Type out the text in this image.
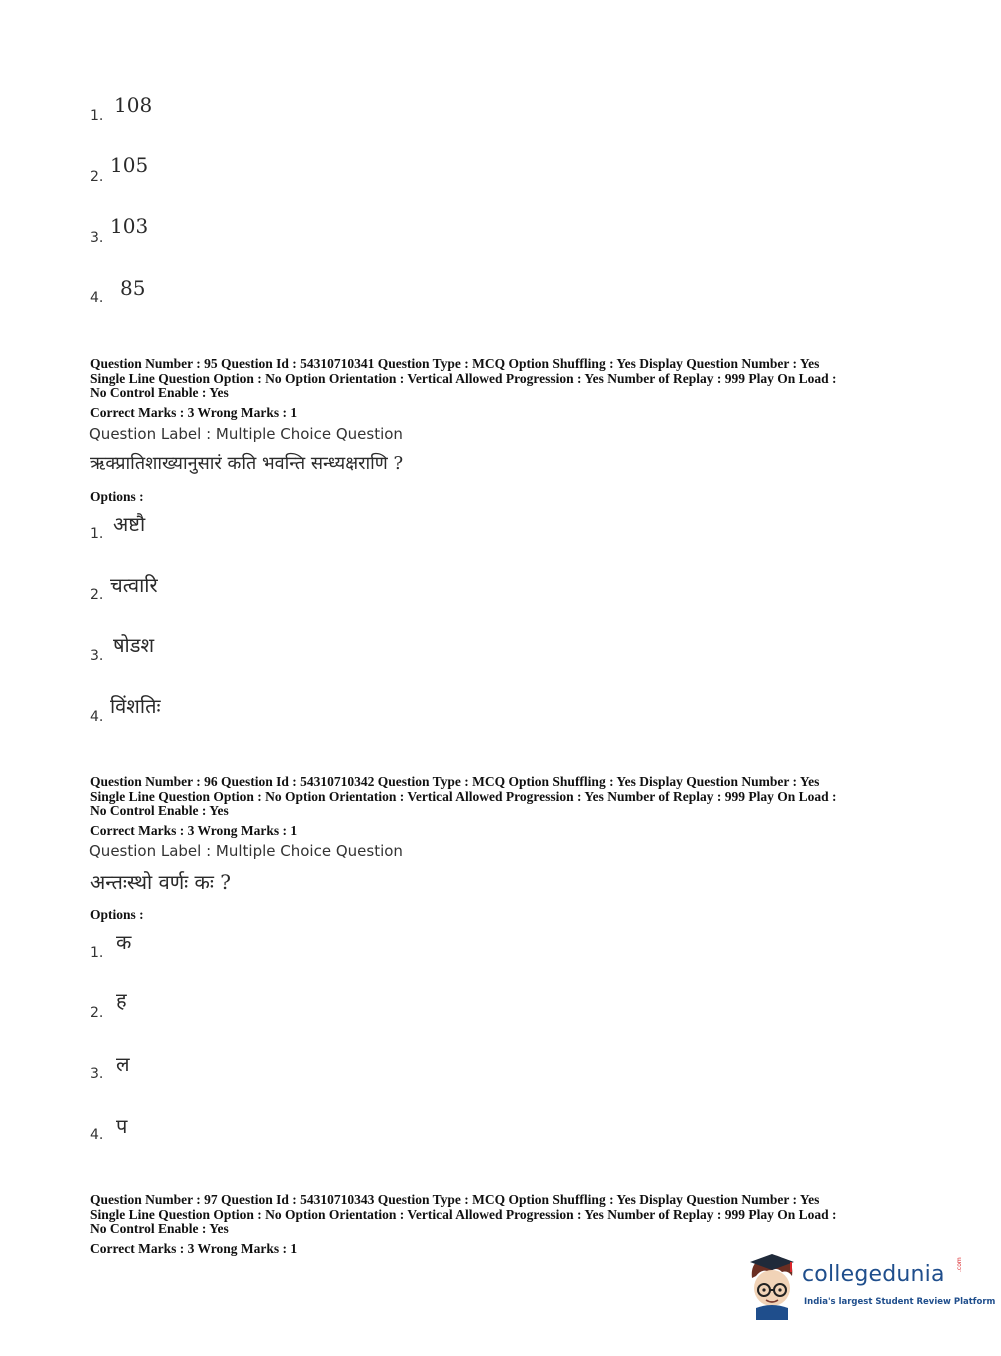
1. 108
2. 105
3. 103
4. 85
Question Number : 95 Question Id : 54310710341 Question Type : MCQ Option Shuffling : Yes Display Question Number : Yes
Single Line Question Option : No Option Orientation : Vertical Allowed Progression : Yes Number of Replay : 999 Play On Load :
No Control Enable : Yes
Correct Marks : 3 Wrong Marks : 1
Question Label : Multiple Choice Question
ऋक्प्रातिशाख्यानुसारं कति भवन्ति सन्ध्यक्षराणि ?
Options :
1. अष्टौ
2. चत्वारि
3. षोडश
4. विंशतिः
Question Number : 96 Question Id : 54310710342 Question Type : MCQ Option Shuffling : Yes Display Question Number : Yes
Single Line Question Option : No Option Orientation : Vertical Allowed Progression : Yes Number of Replay : 999 Play On Load :
No Control Enable : Yes
Correct Marks : 3 Wrong Marks : 1
Question Label : Multiple Choice Question
अन्तःस्थो वर्णः कः ?
Options :
1. क
2.
ह
3. ल
4. प
Question Number : 97 Question Id : 54310710343 Question Type : MCQ Option Shuffling : Yes Display Question Number : Yes
Single Line Question Option : No Option Orientation : Vertical Allowed Progression : Yes Number of Replay : 999 Play On Load :
No Control Enable : Yes
Correct Marks : 3 Wrong Marks : 1
collegedunia .com
India's largest Student Review Platform
